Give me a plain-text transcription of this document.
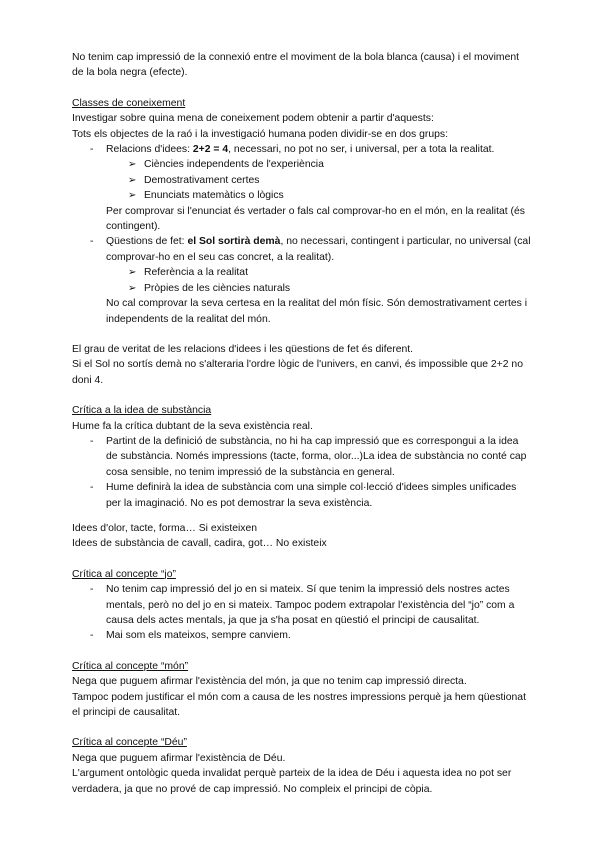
No tenim cap impressió de la connexió entre el moviment de la bola blanca (causa) i el moviment de la bola negra (efecte).

Classes de coneixement

Investigar sobre quina mena de coneixement podem obtenir a partir d'aquests:

Tots els objectes de la raó i la investigació humana poden dividir-se en dos grups:

- Relacions d'idees: 2+2 = 4, necessari, no pot no ser, i universal, per a tota la realitat.
➢ Ciències independents de l'experiència
➢ Demostrativament certes
➢ Enunciats matemàtics o lògics

Per comprovar si l'enunciat és vertader o fals cal comprovar-ho en el món, en la realitat (és contingent).

- Qüestions de fet: el Sol sortirà demà, no necessari, contingent i particular, no universal (cal comprovar-ho en el seu cas concret, a la realitat).
➢ Referència a la realitat
➢ Pròpies de les ciències naturals

No cal comprovar la seva certesa en la realitat del món físic. Són demostrativament certes i independents de la realitat del món.

El grau de veritat de les relacions d'idees i les qüestions de fet és diferent.

Si el Sol no sortís demà no s'alteraria l'ordre lògic de l'univers, en canvi, és impossible que 2+2 no doni 4.

Crítica a la idea de substància

Hume fa la crítica dubtant de la seva existència real.

- Partint de la definició de substància, no hi ha cap impressió que es correspongui a la idea de substància. Només impressions (tacte, forma, olor...)La idea de substància no conté cap cosa sensible, no tenim impressió de la substància en general.
- Hume definirà la idea de substància com una simple col·lecció d'idees simples unificades per la imaginació. No es pot demostrar la seva existència.

Idees d'olor, tacte, forma… Si existeixen

Idees de substància de cavall, cadira, got… No existeix

Crítica al concepte “jo”

- No tenim cap impressió del jo en si mateix. Sí que tenim la impressió dels nostres actes mentals, però no del jo en si mateix. Tampoc podem extrapolar l'existència del “jo” com a causa dels actes mentals, ja que ja s'ha posat en qüestió el principi de causalitat.
- Mai som els mateixos, sempre canviem.

Crítica al concepte “món”

Nega que puguem afirmar l'existència del món, ja que no tenim cap impressió directa.

Tampoc podem justificar el món com a causa de les nostres impressions perquè ja hem qüestionat el principi de causalitat.

Crítica al concepte “Déu”

Nega que puguem afirmar l'existència de Déu.

L'argument ontològic queda invalidat perquè parteix de la idea de Déu i aquesta idea no pot ser verdadera, ja que no prové de cap impressió. No compleix el principi de còpia.
